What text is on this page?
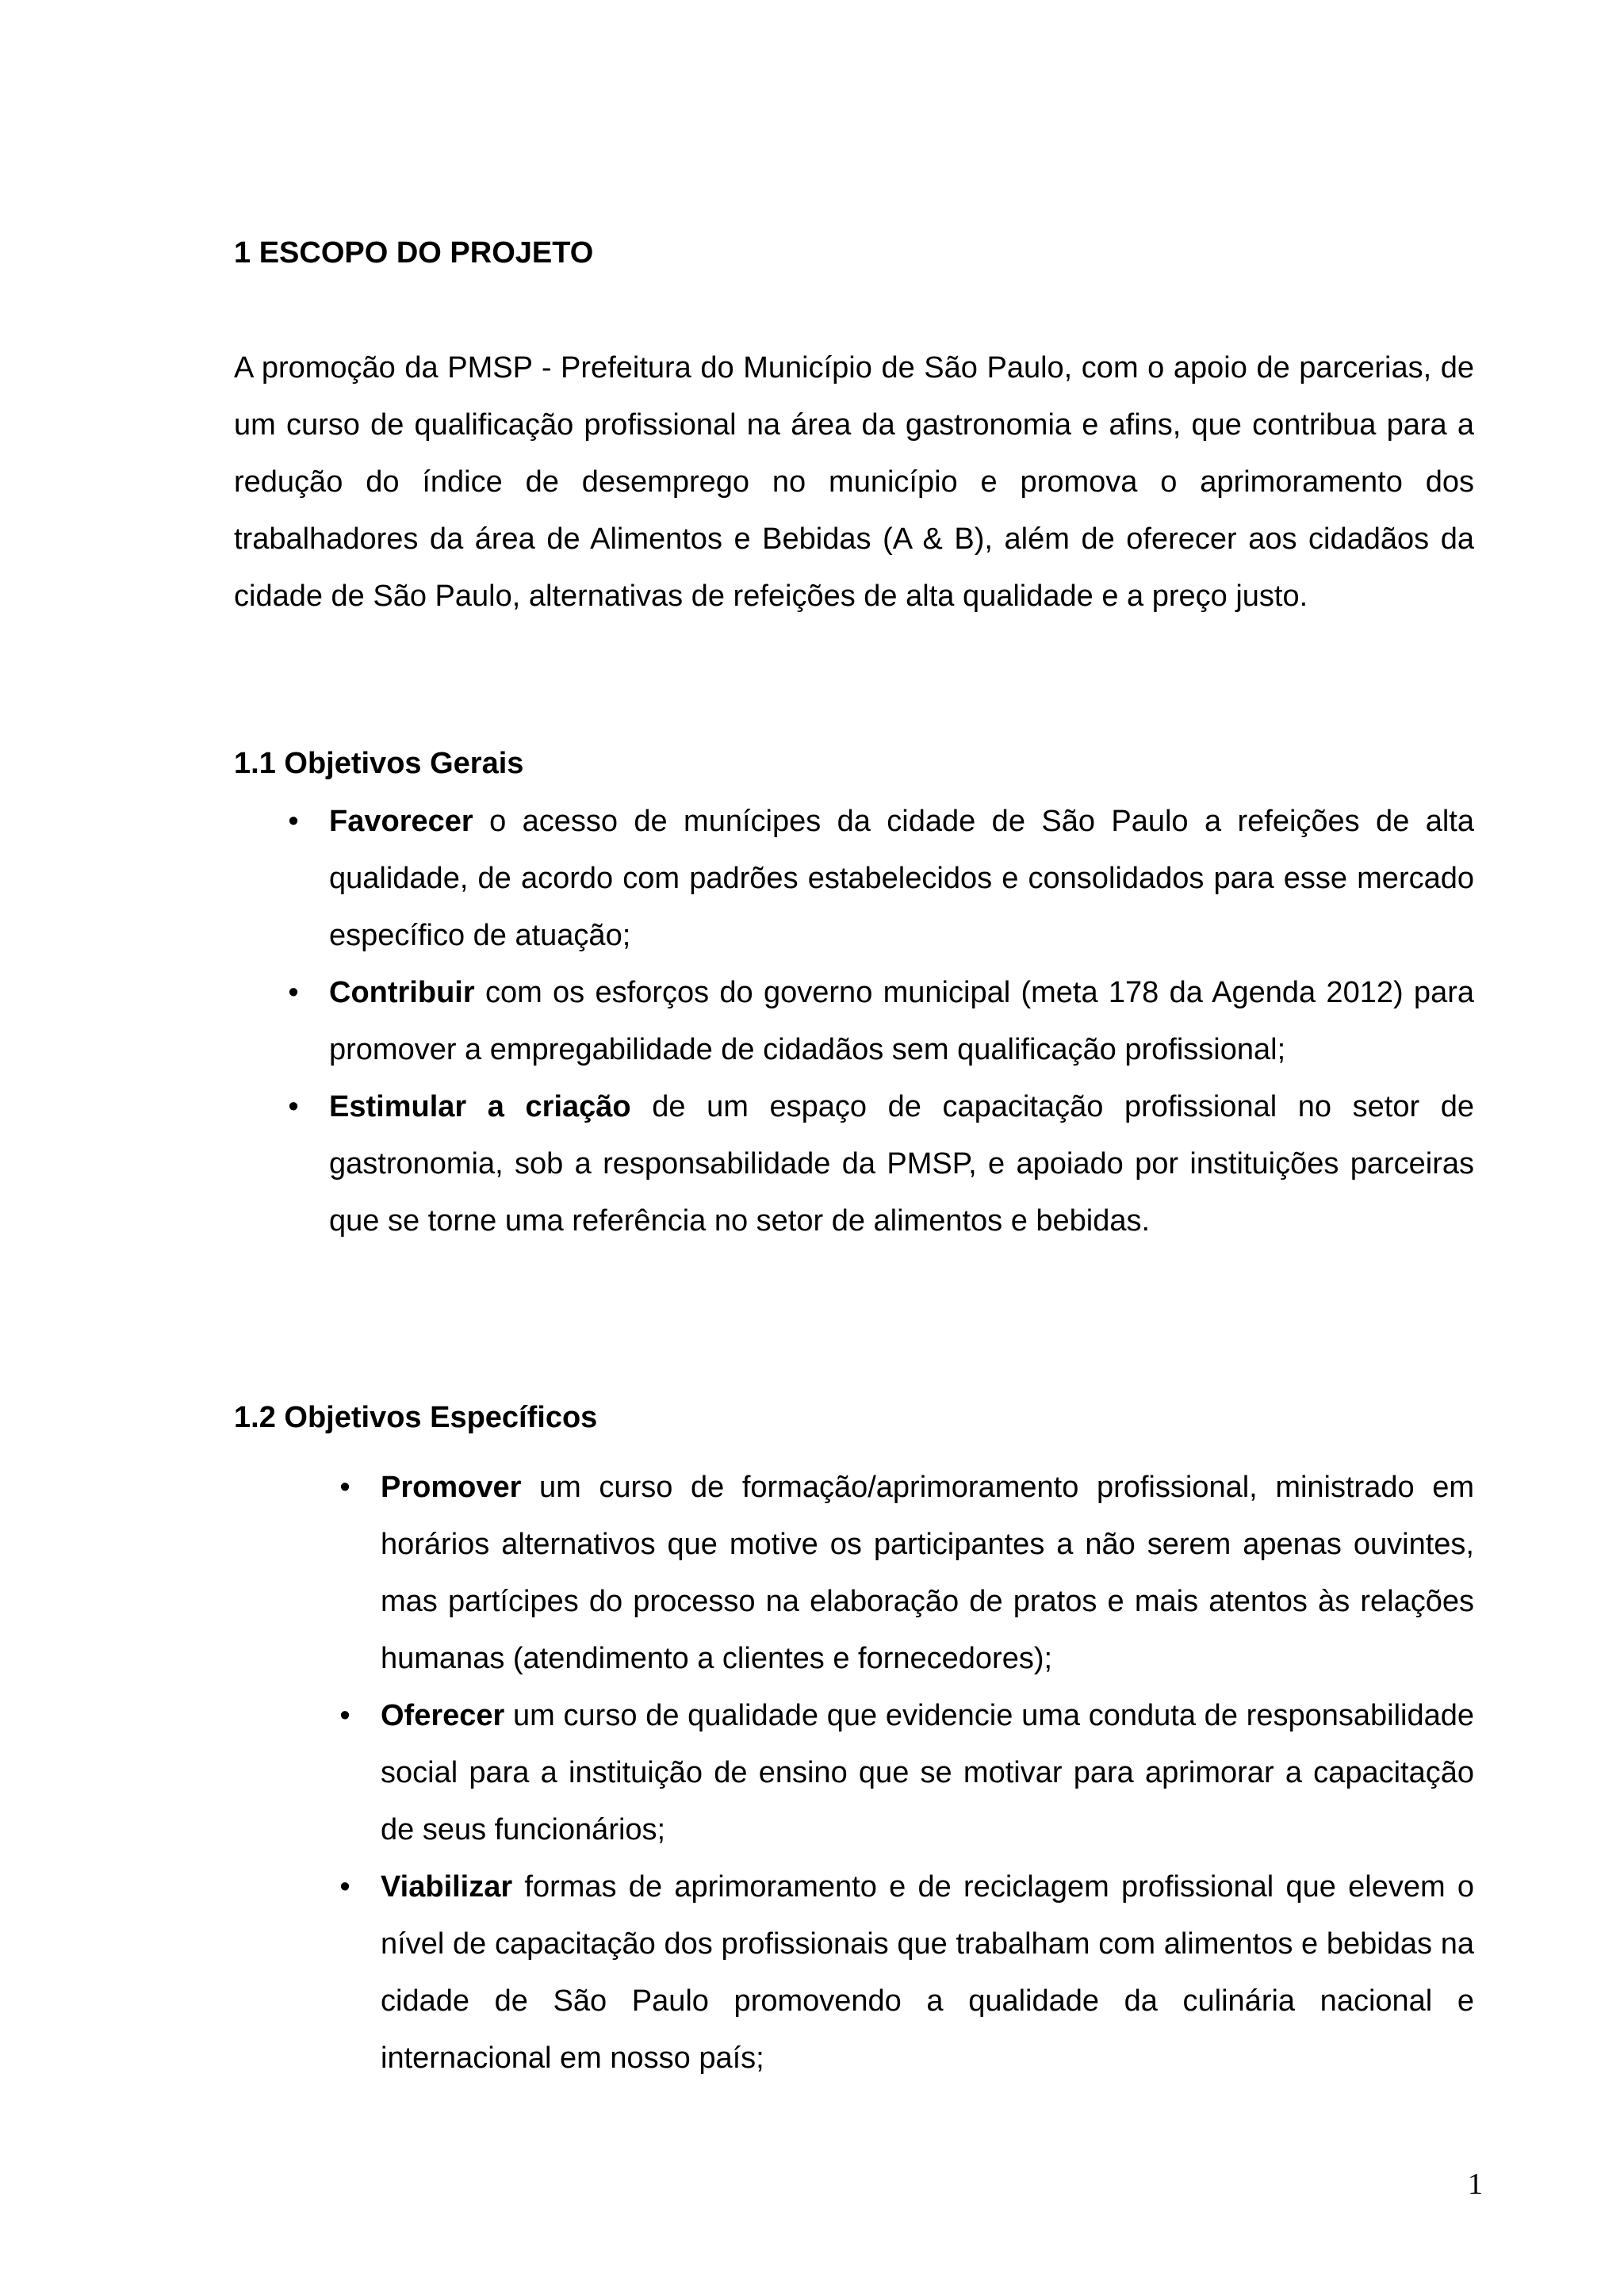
1 ESCOPO DO PROJETO

A promoção da PMSP - Prefeitura do Município de São Paulo, com o apoio de parcerias, de um curso de qualificação profissional na área da gastronomia e afins, que contribua para a redução do índice de desemprego no município e promova o aprimoramento dos trabalhadores da área de Alimentos e Bebidas (A & B), além de oferecer aos cidadãos da cidade de São Paulo, alternativas de refeições de alta qualidade e a preço justo.

1.1 Objetivos Gerais
•	Favorecer o acesso de munícipes da cidade de São Paulo a refeições de alta qualidade, de acordo com padrões estabelecidos e consolidados para esse mercado específico de atuação;
•	Contribuir com os esforços do governo municipal (meta 178 da Agenda 2012) para promover a empregabilidade de cidadãos sem qualificação profissional;
•	Estimular a criação de um espaço de capacitação profissional no setor de gastronomia, sob a responsabilidade da PMSP, e apoiado por instituições parceiras que se torne uma referência no setor de alimentos e bebidas.
1.2 Objetivos Específicos
•	Promover um curso de formação/aprimoramento profissional, ministrado em horários alternativos que motive os participantes a não serem apenas ouvintes, mas partícipes do processo na elaboração de pratos e mais atentos às relações humanas (atendimento a clientes e fornecedores);
•	Oferecer um curso de qualidade que evidencie uma conduta de responsabilidade social para a instituição de ensino que se motivar para aprimorar a capacitação de seus funcionários;
•	Viabilizar formas de aprimoramento e de reciclagem profissional que elevem o nível de capacitação dos profissionais que trabalham com alimentos e bebidas na cidade de São Paulo promovendo a qualidade da culinária nacional e internacional em nosso país;
1
